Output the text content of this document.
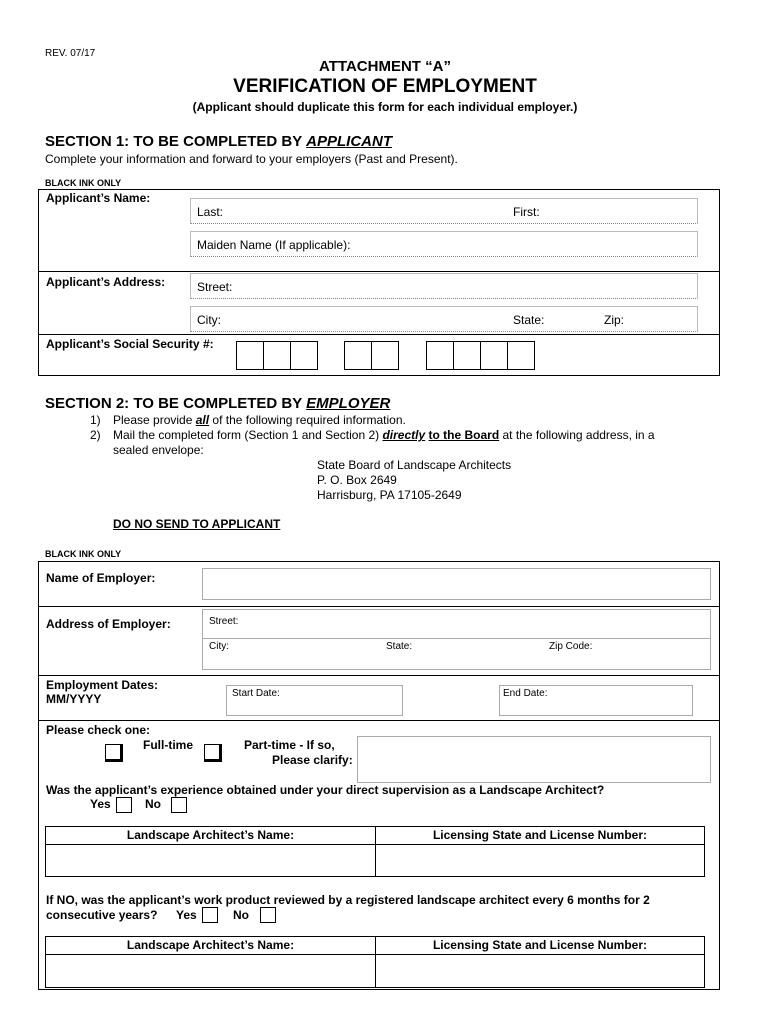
REV. 07/17
ATTACHMENT “A”
VERIFICATION OF EMPLOYMENT
(Applicant should duplicate this form for each individual employer.)
SECTION 1: TO BE COMPLETED BY APPLICANT
Complete your information and forward to your employers (Past and Present).
BLACK INK ONLY
Applicant’s Name:
Last:	First:
Maiden Name (If applicable):
Applicant’s Address:	Street:
City:	State:	Zip:
Applicant’s Social Security #:
SECTION 2: TO BE COMPLETED BY EMPLOYER
1) Please provide all of the following required information.
2) Mail the completed form (Section 1 and Section 2) directly to the Board at the following address, in a
sealed envelope:
State Board of Landscape Architects
P. O. Box 2649
Harrisburg, PA 17105-2649
DO NO SEND TO APPLICANT
BLACK INK ONLY
Name of Employer:
Address of Employer:	Street:
City:	State:	Zip Code:
Employment Dates:
MM/YYYY	Start Date:	End Date:
Please check one:
Full-time	Part-time - If so,
Please clarify:
Was the applicant’s experience obtained under your direct supervision as a Landscape Architect?
Yes	No
Landscape Architect’s Name:	Licensing State and License Number:
If NO, was the applicant’s work product reviewed by a registered landscape architect every 6 months for 2
consecutive years? Yes	No
Landscape Architect’s Name:	Licensing State and License Number:
